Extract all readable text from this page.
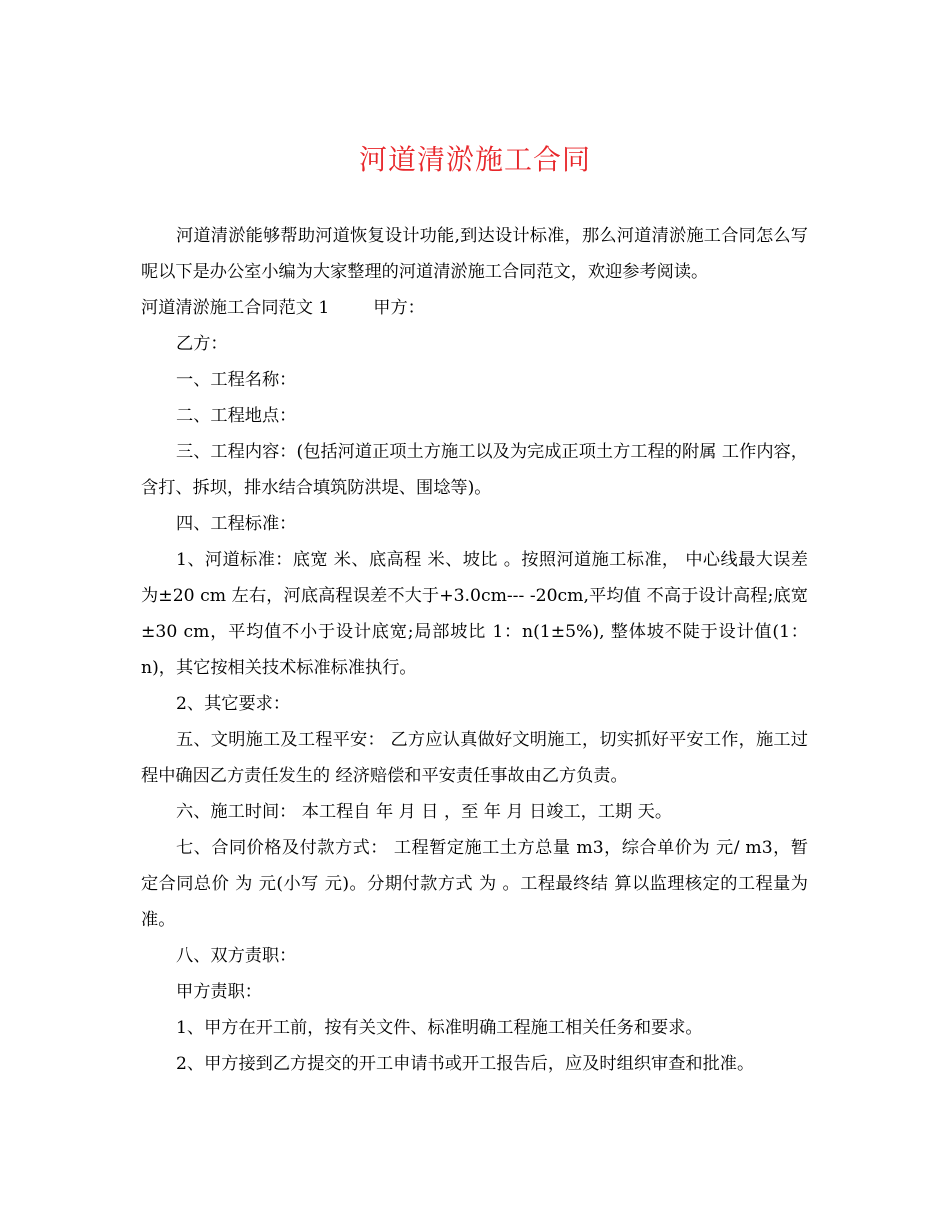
河道清淤施工合同

河道清淤能够帮助河道恢复设计功能,到达设计标准，那么河道清淤施工合同怎么写呢以下是办公室小编为大家整理的河道清淤施工合同范文，欢迎参考阅读。

河道清淤施工合同范文 1	甲方：

乙方：

一、工程名称：

二、工程地点：

三、工程内容：(包括河道正项土方施工以及为完成正项土方工程的附属 工作内容，含打、拆坝，排水结合填筑防洪堤、围埝等)。

四、工程标准：

1、河道标准：底宽 米、底高程 米、坡比 。按照河道施工标准， 中心线最大误差为±20 cm 左右，河底高程误差不大于+3.0cm--- -20cm,平均值 不高于设计高程;底宽±30 cm，平均值不小于设计底宽;局部坡比 1：n(1±5%), 整体坡不陡于设计值(1：n)，其它按相关技术标准标准执行。

2、其它要求：

五、文明施工及工程平安： 乙方应认真做好文明施工，切实抓好平安工作，施工过程中确因乙方责任发生的 经济赔偿和平安责任事故由乙方负责。

六、施工时间： 本工程自 年 月 日 ，至 年 月 日竣工，工期 天。

七、合同价格及付款方式： 工程暂定施工土方总量 m3，综合单价为 元/ m3，暂定合同总价 为 元(小写 元)。分期付款方式 为 。工程最终结 算以监理核定的工程量为准。

八、双方责职：

甲方责职：

1、甲方在开工前，按有关文件、标准明确工程施工相关任务和要求。

2、甲方接到乙方提交的开工申请书或开工报告后，应及时组织审查和批准。
